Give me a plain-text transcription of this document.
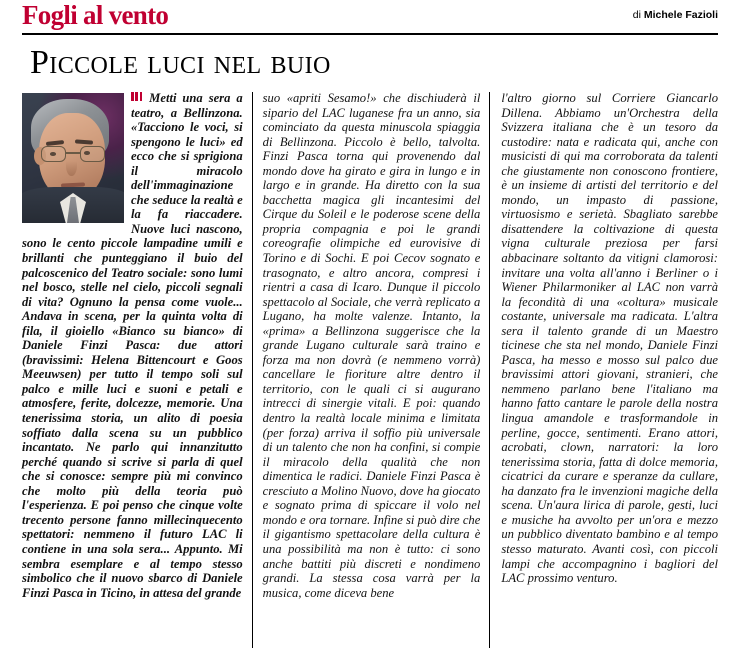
Fogli al vento	di Michele Fazioli
Piccole luci nel buio

Metti una sera a teatro, a Bellinzona. «Tacciono le voci, si spengono le luci» ed ecco che si sprigiona il miracolo dell'immaginazione che seduce la realtà e la fa riaccadere. Nuove luci nascono, sono le cento piccole lampadine umili e brillanti che punteggiano il buio del palcoscenico del Teatro sociale: sono lumi nel bosco, stelle nel cielo, piccoli segnali di vita? Ognuno la pensa come vuole... Andava in scena, per la quinta volta di fila, il gioiello «Bianco su bianco» di Daniele Finzi Pasca: due attori (bravissimi: Helena Bittencourt e Goos Meeuwsen) per tutto il tempo soli sul palco e mille luci e suoni e petali e atmosfere, ferite, dolcezze, memorie. Una tenerissima storia, un alito di poesia soffiato dalla scena su un pubblico incantato. Ne parlo qui innanzitutto perché quando si scrive si parla di quel che si conosce: sempre più mi convinco che molto più della teoria può l'esperienza. E poi penso che cinque volte trecento persone fanno millecinquecento spettatori: nemmeno il futuro LAC li contiene in una sola sera... Appunto. Mi sembra esemplare e al tempo stesso simbolico che il nuovo sbarco di Daniele Finzi Pasca in Ticino, in attesa del grande

suo «apriti Sesamo!» che dischiuderà il sipario del LAC luganese fra un anno, sia cominciato da questa minuscola spiaggia di Bellinzona. Piccolo è bello, talvolta. Finzi Pasca torna qui provenendo dal mondo dove ha girato e gira in lungo e in largo e in grande. Ha diretto con la sua bacchetta magica gli incantesimi del Cirque du Soleil e le poderose scene della propria compagnia e poi le grandi coreografie olimpiche ed eurovisive di Torino e di Sochi. E poi Cecov sognato e trasognato, e altro ancora, compresi i rientri a casa di Icaro. Dunque il piccolo spettacolo al Sociale, che verrà replicato a Lugano, ha molte valenze. Intanto, la «prima» a Bellinzona suggerisce che la grande Lugano culturale sarà traino e forza ma non dovrà (e nemmeno vorrà) cancellare le fioriture altre dentro il territorio, con le quali ci si augurano intrecci di sinergie vitali. E poi: quando dentro la realtà locale minima e limitata (per forza) arriva il soffio più universale di un talento che non ha confini, si compie il miracolo della qualità che non dimentica le radici. Daniele Finzi Pasca è cresciuto a Molino Nuovo, dove ha giocato e sognato prima di spiccare il volo nel mondo e ora tornare. Infine si può dire che il gigantismo spettacolare della cultura è una possibilità ma non è tutto: ci sono anche battiti più discreti e nondimeno grandi. La stessa cosa varrà per la musica, come diceva bene

l'altro giorno sul Corriere Giancarlo Dillena. Abbiamo un'Orchestra della Svizzera italiana che è un tesoro da custodire: nata e radicata qui, anche con musicisti di qui ma corroborata da talenti che giustamente non conoscono frontiere, è un insieme di artisti del territorio e del mondo, un impasto di passione, virtuosismo e serietà. Sbagliato sarebbe disattendere la coltivazione di questa vigna culturale preziosa per farsi abbacinare soltanto da vitigni clamorosi: invitare una volta all'anno i Berliner o i Wiener Philarmoniker al LAC non varrà la fecondità di una «coltura» musicale costante, universale ma radicata. L'altra sera il talento grande di un Maestro ticinese che sta nel mondo, Daniele Finzi Pasca, ha messo e mosso sul palco due bravissimi attori giovani, stranieri, che nemmeno parlano bene l'italiano ma hanno fatto cantare le parole della nostra lingua amandole e trasformandole in perline, gocce, sentimenti. Erano attori, acrobati, clown, narratori: la loro tenerissima storia, fatta di dolce memoria, cicatrici da curare e speranze da cullare, ha danzato fra le invenzioni magiche della scena. Un'aura lirica di parole, gesti, luci e musiche ha avvolto per un'ora e mezzo un pubblico diventato bambino e al tempo stesso maturato. Avanti così, con piccoli lampi che accompagnino i bagliori del LAC prossimo venturo.
